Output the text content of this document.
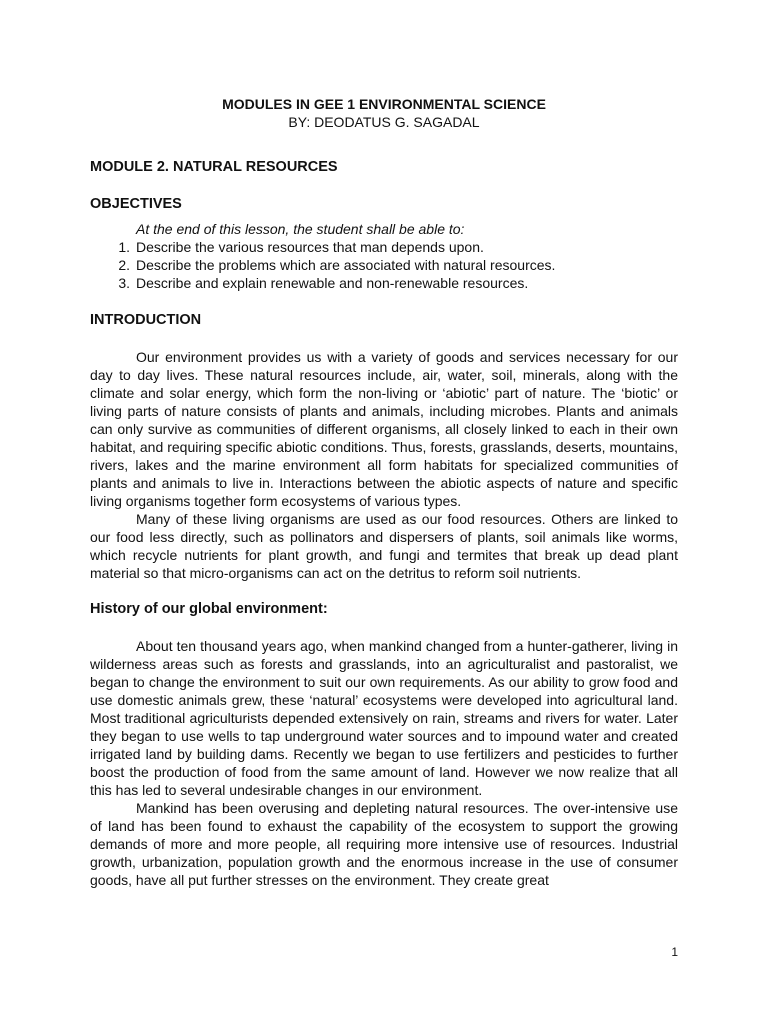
MODULES IN GEE 1 ENVIRONMENTAL SCIENCE

BY: DEODATUS G. SAGADAL

MODULE 2. NATURAL RESOURCES

OBJECTIVES

At the end of this lesson, the student shall be able to:

1. Describe the various resources that man depends upon.
2. Describe the problems which are associated with natural resources.
3. Describe and explain renewable and non-renewable resources.

INTRODUCTION

Our environment provides us with a variety of goods and services necessary for our day to day lives. These natural resources include, air, water, soil, minerals, along with the climate and solar energy, which form the non-living or ‘abiotic’ part of nature. The ‘biotic’ or living parts of nature consists of plants and animals, including microbes. Plants and animals can only survive as communities of different organisms, all closely linked to each in their own habitat, and requiring specific abiotic conditions. Thus, forests, grasslands, deserts, mountains, rivers, lakes and the marine environment all form habitats for specialized communities of plants and animals to live in. Interactions between the abiotic aspects of nature and specific living organisms together form ecosystems of various types.

Many of these living organisms are used as our food resources. Others are linked to our food less directly, such as pollinators and dispersers of plants, soil animals like worms, which recycle nutrients for plant growth, and fungi and termites that break up dead plant material so that micro-organisms can act on the detritus to reform soil nutrients.

History of our global environment:

About ten thousand years ago, when mankind changed from a hunter-gatherer, living in wilderness areas such as forests and grasslands, into an agriculturalist and pastoralist, we began to change the environment to suit our own requirements. As our ability to grow food and use domestic animals grew, these ‘natural’ ecosystems were developed into agricultural land. Most traditional agriculturists depended extensively on rain, streams and rivers for water. Later they began to use wells to tap underground water sources and to impound water and created irrigated land by building dams. Recently we began to use fertilizers and pesticides to further boost the production of food from the same amount of land. However we now realize that all this has led to several undesirable changes in our environment.

Mankind has been overusing and depleting natural resources. The over-intensive use of land has been found to exhaust the capability of the ecosystem to support the growing demands of more and more people, all requiring more intensive use of resources. Industrial growth, urbanization, population growth and the enormous increase in the use of consumer goods, have all put further stresses on the environment. They create great

1
